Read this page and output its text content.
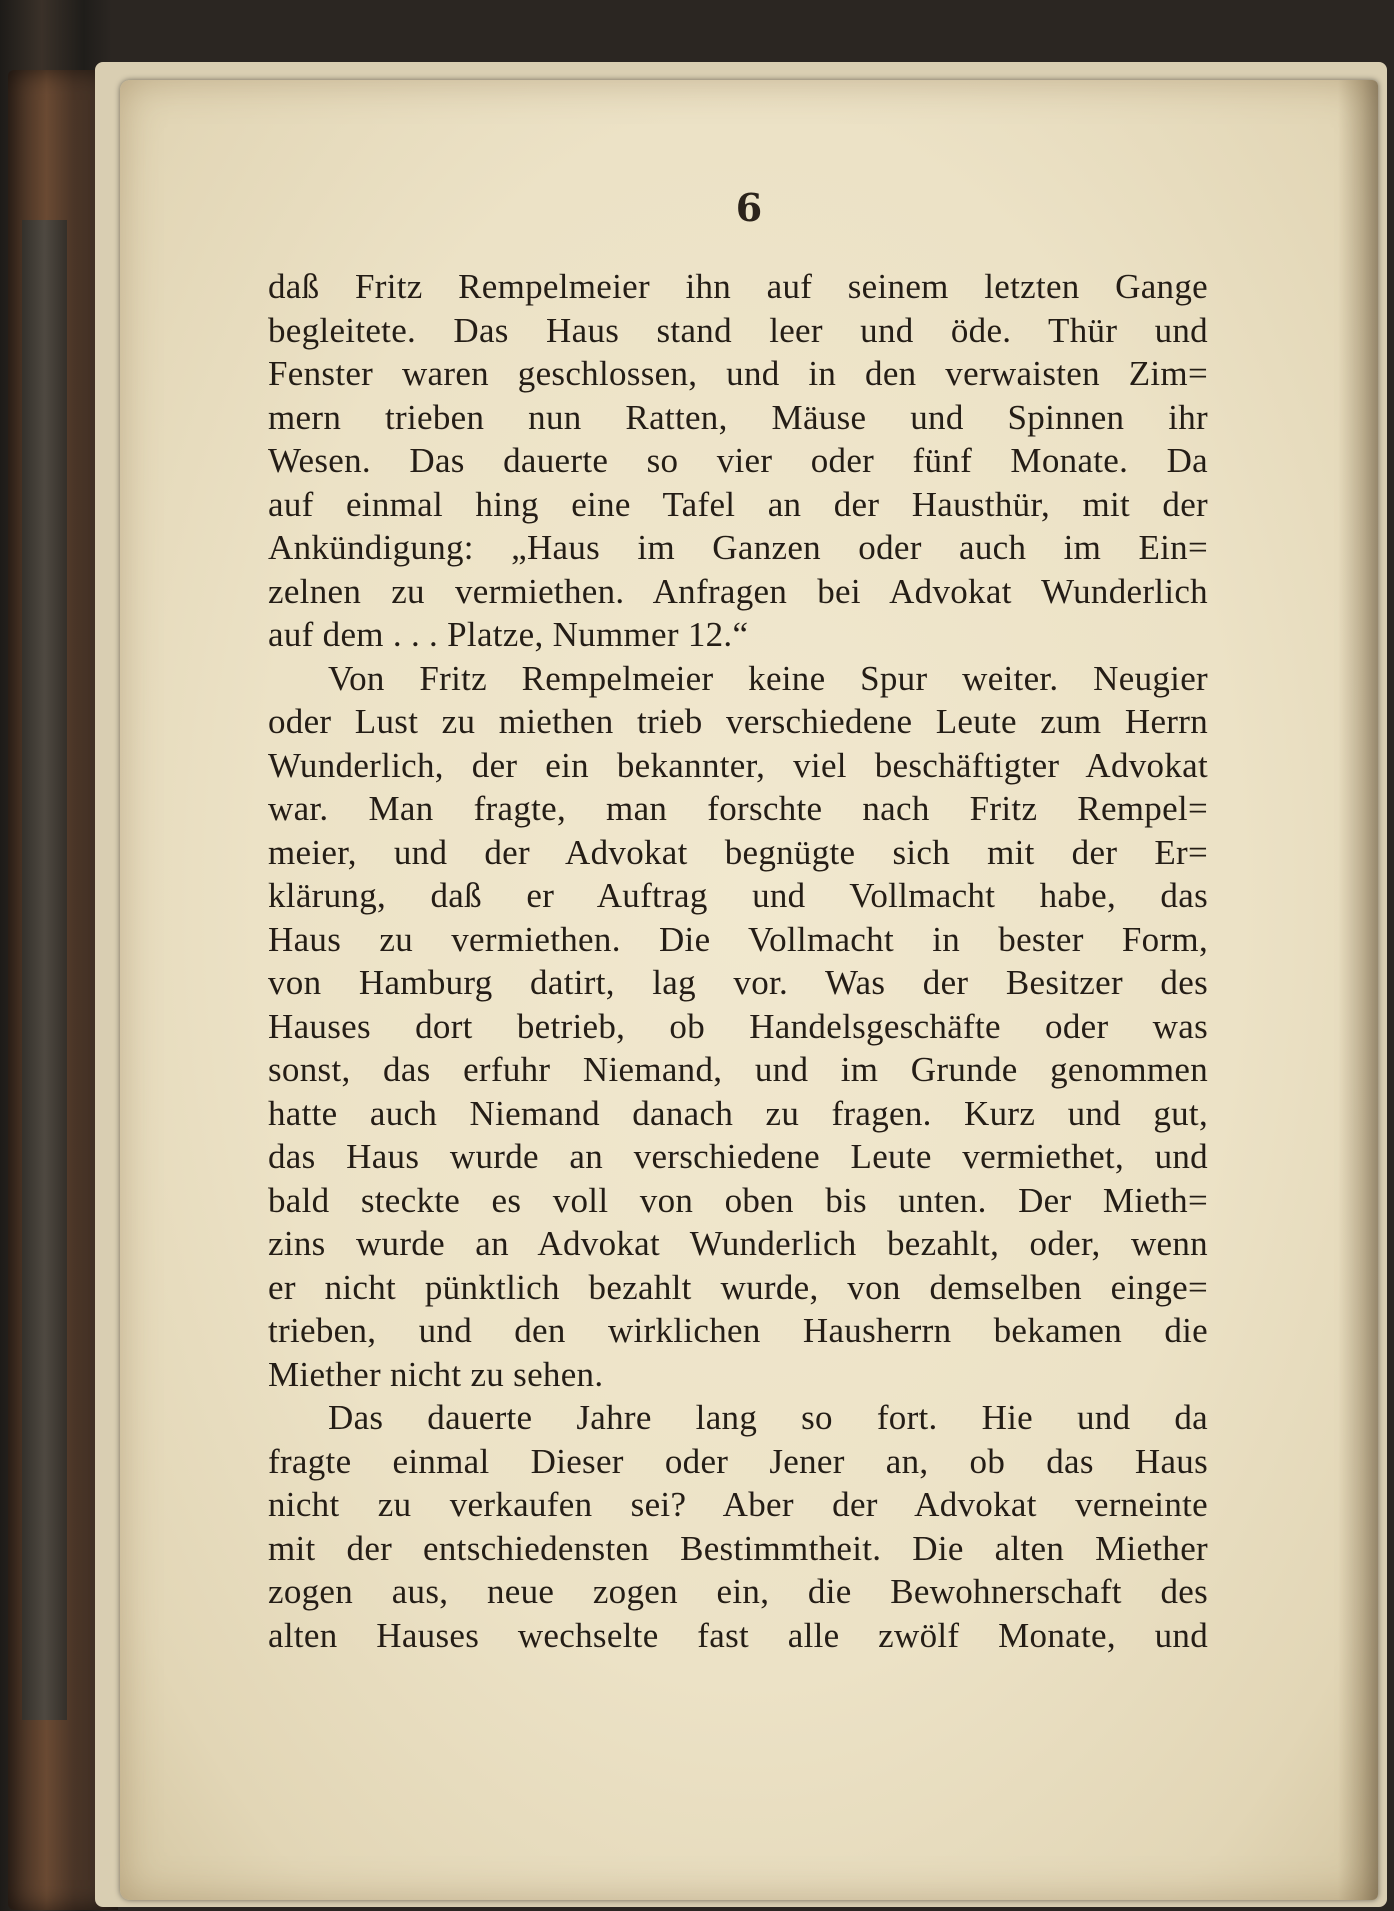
6
daß Fritz Rempelmeier ihn auf seinem letzten Gange
begleitete. Das Haus stand leer und öde. Thür und
Fenster waren geschlossen, und in den verwaisten Zim=
mern trieben nun Ratten, Mäuse und Spinnen ihr
Wesen. Das dauerte so vier oder fünf Monate. Da
auf einmal hing eine Tafel an der Hausthür, mit der
Ankündigung: „Haus im Ganzen oder auch im Ein=
zelnen zu vermiethen. Anfragen bei Advokat Wunderlich
auf dem . . . Platze, Nummer 12.“
Von Fritz Rempelmeier keine Spur weiter. Neugier
oder Lust zu miethen trieb verschiedene Leute zum Herrn
Wunderlich, der ein bekannter, viel beschäftigter Advokat
war. Man fragte, man forschte nach Fritz Rempel=
meier, und der Advokat begnügte sich mit der Er=
klärung, daß er Auftrag und Vollmacht habe, das
Haus zu vermiethen. Die Vollmacht in bester Form,
von Hamburg datirt, lag vor. Was der Besitzer des
Hauses dort betrieb, ob Handelsgeschäfte oder was
sonst, das erfuhr Niemand, und im Grunde genommen
hatte auch Niemand danach zu fragen. Kurz und gut,
das Haus wurde an verschiedene Leute vermiethet, und
bald steckte es voll von oben bis unten. Der Mieth=
zins wurde an Advokat Wunderlich bezahlt, oder, wenn
er nicht pünktlich bezahlt wurde, von demselben einge=
trieben, und den wirklichen Hausherrn bekamen die
Miether nicht zu sehen.
Das dauerte Jahre lang so fort. Hie und da
fragte einmal Dieser oder Jener an, ob das Haus
nicht zu verkaufen sei? Aber der Advokat verneinte
mit der entschiedensten Bestimmtheit. Die alten Miether
zogen aus, neue zogen ein, die Bewohnerschaft des
alten Hauses wechselte fast alle zwölf Monate, und
